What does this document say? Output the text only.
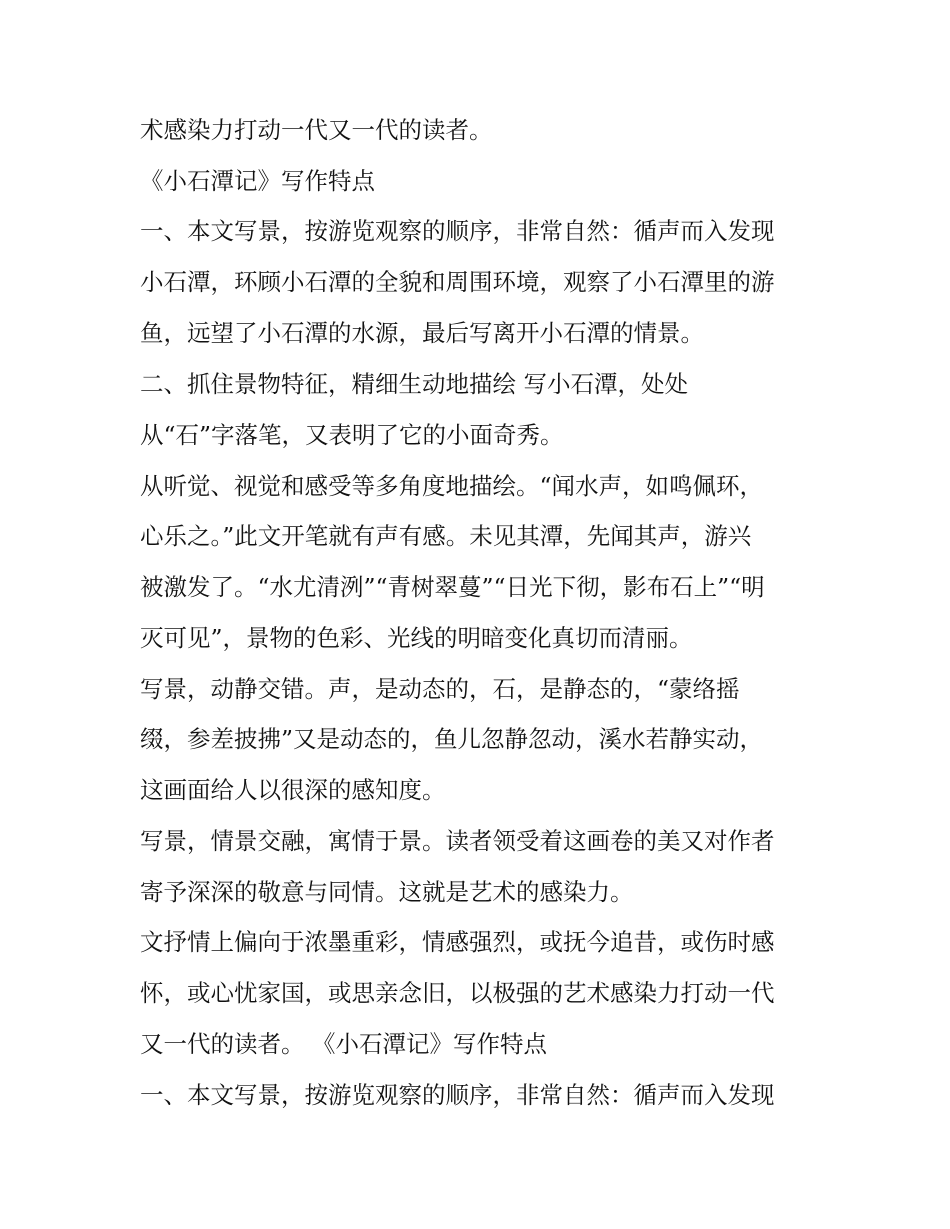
术感染力打动一代又一代的读者。

《小石潭记》写作特点

一、本文写景，按游览观察的顺序，非常自然：循声而入发现

小石潭，环顾小石潭的全貌和周围环境，观察了小石潭里的游

鱼，远望了小石潭的水源，最后写离开小石潭的情景。

二、抓住景物特征，精细生动地描绘 写小石潭，处处

从“石”字落笔，又表明了它的小面奇秀。

从听觉、视觉和感受等多角度地描绘。“闻水声，如鸣佩环，

心乐之。”此文开笔就有声有感。未见其潭，先闻其声，游兴

被激发了。“水尤清洌”“青树翠蔓”“日光下彻，影布石上”“明

灭可见”，景物的色彩、光线的明暗变化真切而清丽。

写景，动静交错。声，是动态的，石，是静态的，“蒙络摇

缀，参差披拂”又是动态的，鱼儿忽静忽动，溪水若静实动，

这画面给人以很深的感知度。

写景，情景交融，寓情于景。读者领受着这画卷的美又对作者

寄予深深的敬意与同情。这就是艺术的感染力。

文抒情上偏向于浓墨重彩，情感强烈，或抚今追昔，或伤时感

怀，或心忧家国，或思亲念旧，以极强的艺术感染力打动一代

又一代的读者。 《小石潭记》写作特点

一、本文写景，按游览观察的顺序，非常自然：循声而入发现
